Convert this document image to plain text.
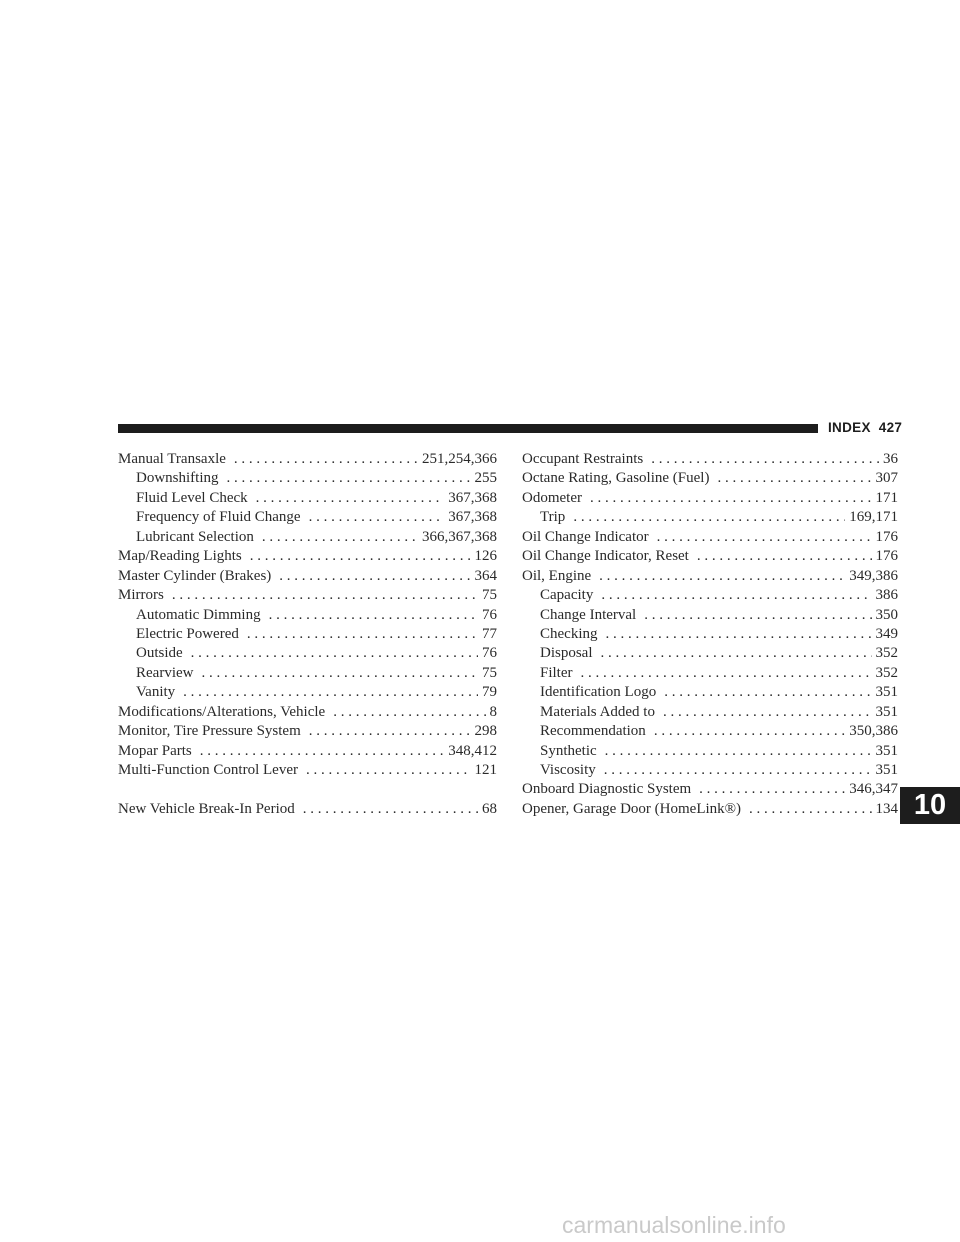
INDEX 427
Manual Transaxle . . .	251,254,366
Downshifting . . .	255
Fluid Level Check . . .	367,368
Frequency of Fluid Change . . .	367,368
Lubricant Selection . . .	366,367,368
Map/Reading Lights . . .	126
Master Cylinder (Brakes) . . .	364
Mirrors . . .	75
Automatic Dimming . . .	76
Electric Powered . . .	77
Outside . . .	76
Rearview . . .	75
Vanity . . .	79
Modifications/Alterations, Vehicle . . .	8
Monitor, Tire Pressure System . . .	298
Mopar Parts . . .	348,412
Multi-Function Control Lever . . .	121
New Vehicle Break-In Period . . .	68
Occupant Restraints . . .	36
Octane Rating, Gasoline (Fuel) . . .	307
Odometer . . .	171
Trip . . .	169,171
Oil Change Indicator . . .	176
Oil Change Indicator, Reset . . .	176
Oil, Engine . . .	349,386
Capacity . . .	386
Change Interval . . .	350
Checking . . .	349
Disposal . . .	352
Filter . . .	352
Identification Logo . . .	351
Materials Added to . . .	351
Recommendation . . .	350,386
Synthetic . . .	351
Viscosity . . .	351
Onboard Diagnostic System . . .	346,347
Opener, Garage Door (HomeLink®) . . .	134 10
carmanualsonline.info
